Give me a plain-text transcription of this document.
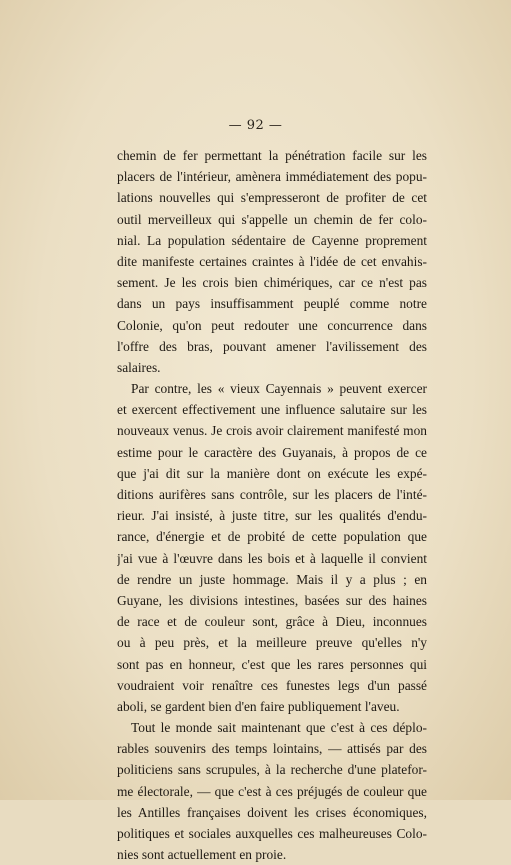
— 92 —
chemin de fer permettant la pénétration facile sur les
placers de l'intérieur, amènera immédiatement des popu-
lations nouvelles qui s'empresseront de profiter de cet
outil merveilleux qui s'appelle un chemin de fer colo-
nial. La population sédentaire de Cayenne proprement
dite manifeste certaines craintes à l'idée de cet envahis-
sement. Je les crois bien chimériques, car ce n'est pas
dans un pays insuffisamment peuplé comme notre
Colonie, qu'on peut redouter une concurrence dans
l'offre des bras, pouvant amener l'avilissement des
salaires.
Par contre, les « vieux Cayennais » peuvent exercer
et exercent effectivement une influence salutaire sur les
nouveaux venus. Je crois avoir clairement manifesté mon
estime pour le caractère des Guyanais, à propos de ce
que j'ai dit sur la manière dont on exécute les expé-
ditions aurifères sans contrôle, sur les placers de l'inté-
rieur. J'ai insisté, à juste titre, sur les qualités d'endu-
rance, d'énergie et de probité de cette population que
j'ai vue à l'œuvre dans les bois et à laquelle il convient
de rendre un juste hommage. Mais il y a plus ; en
Guyane, les divisions intestines, basées sur des haines
de race et de couleur sont, grâce à Dieu, inconnues
ou à peu près, et la meilleure preuve qu'elles n'y
sont pas en honneur, c'est que les rares personnes qui
voudraient voir renaître ces funestes legs d'un passé
aboli, se gardent bien d'en faire publiquement l'aveu.
Tout le monde sait maintenant que c'est à ces déplo-
rables souvenirs des temps lointains, — attisés par des
politiciens sans scrupules, à la recherche d'une platefor-
me électorale, — que c'est à ces préjugés de couleur que
les Antilles françaises doivent les crises économiques,
politiques et sociales auxquelles ces malheureuses Colo-
nies sont actuellement en proie.
